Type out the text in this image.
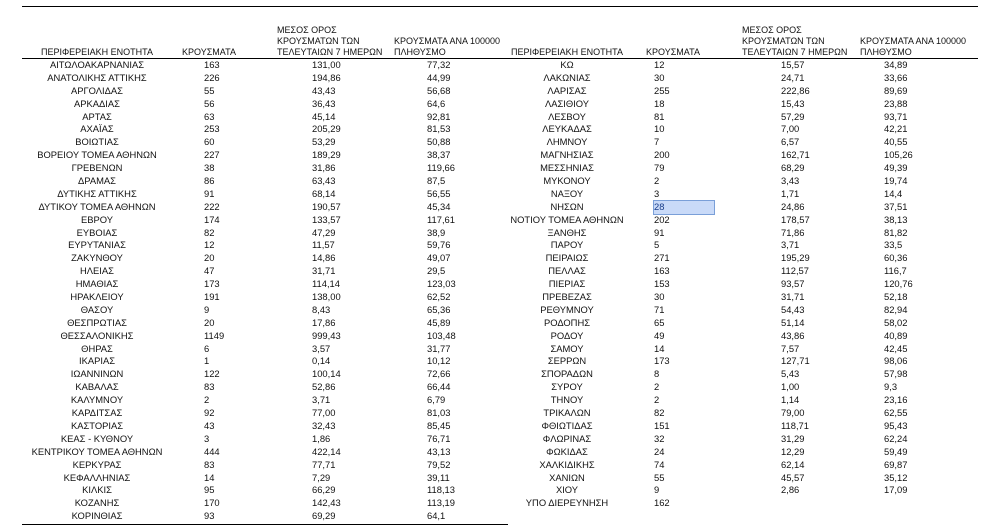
ΠΕΡΙΦΕΡΕΙΑΚΗ ΕΝΟΤΗΤΑ	ΚΡΟΥΣΜΑΤΑ
ΜΕΣΟΣ ΟΡΟΣ
ΚΡΟΥΣΜΑΤΩΝ ΤΩΝ
ΤΕΛΕΥΤΑΙΩΝ 7 ΗΜΕΡΩΝ
ΚΡΟΥΣΜΑΤΑ ΑΝΑ 100000
ΠΛΗΘΥΣΜΟ
ΑΙΤΩΛΟΑΚΑΡΝΑΝΙΑΣ	163	131,00	77,32
ΑΝΑΤΟΛΙΚΗΣ ΑΤΤΙΚΗΣ	226	194,86	44,99
ΑΡΓΟΛΙΔΑΣ	55	43,43	56,68
ΑΡΚΑΔΙΑΣ	56	36,43	64,6
ΑΡΤΑΣ	63	45,14	92,81
ΑΧΑΪΑΣ	253	205,29	81,53
ΒΟΙΩΤΙΑΣ	60	53,29	50,88
ΒΟΡΕΙΟΥ ΤΟΜΕΑ ΑΘΗΝΩΝ	227	189,29	38,37
ΓΡΕΒΕΝΩΝ	38	31,86	119,66
ΔΡΑΜΑΣ	86	63,43	87,5
ΔΥΤΙΚΗΣ ΑΤΤΙΚΗΣ	91	68,14	56,55
ΔΥΤΙΚΟΥ ΤΟΜΕΑ ΑΘΗΝΩΝ	222	190,57	45,34
ΕΒΡΟΥ	174	133,57	117,61
ΕΥΒΟΙΑΣ	82	47,29	38,9
ΕΥΡΥΤΑΝΙΑΣ	12	11,57	59,76
ΖΑΚΥΝΘΟΥ	20	14,86	49,07
ΗΛΕΙΑΣ	47	31,71	29,5
ΗΜΑΘΙΑΣ	173	114,14	123,03
ΗΡΑΚΛΕΙΟΥ	191	138,00	62,52
ΘΑΣΟΥ	9	8,43	65,36
ΘΕΣΠΡΩΤΙΑΣ	20	17,86	45,89
ΘΕΣΣΑΛΟΝΙΚΗΣ	1149	999,43	103,48
ΘΗΡΑΣ	6	3,57	31,77
ΙΚΑΡΙΑΣ	1	0,14	10,12
ΙΩΑΝΝΙΝΩΝ	122	100,14	72,66
ΚΑΒΑΛΑΣ	83	52,86	66,44
ΚΑΛΥΜΝΟΥ	2	3,71	6,79
ΚΑΡΔΙΤΣΑΣ	92	77,00	81,03
ΚΑΣΤΟΡΙΑΣ	43	32,43	85,45
ΚΕΑΣ - ΚΥΘΝΟΥ	3	1,86	76,71
ΚΕΝΤΡΙΚΟΥ ΤΟΜΕΑ ΑΘΗΝΩΝ	444	422,14	43,13
ΚΕΡΚΥΡΑΣ	83	77,71	79,52
ΚΕΦΑΛΛΗΝΙΑΣ	14	7,29	39,11
ΚΙΛΚΙΣ	95	66,29	118,13
ΚΟΖΑΝΗΣ	170	142,43	113,19
ΚΟΡΙΝΘΙΑΣ	93	69,29	64,1
ΠΕΡΙΦΕΡΕΙΑΚΗ ΕΝΟΤΗΤΑ	ΚΡΟΥΣΜΑΤΑ
ΜΕΣΟΣ ΟΡΟΣ
ΚΡΟΥΣΜΑΤΩΝ ΤΩΝ
ΤΕΛΕΥΤΑΙΩΝ 7 ΗΜΕΡΩΝ
ΚΡΟΥΣΜΑΤΑ ΑΝΑ 100000
ΠΛΗΘΥΣΜΟ
ΚΩ	12	15,57	34,89
ΛΑΚΩΝΙΑΣ	30	24,71	33,66
ΛΑΡΙΣΑΣ	255	222,86	89,69
ΛΑΣΙΘΙΟΥ	18	15,43	23,88
ΛΕΣΒΟΥ	81	57,29	93,71
ΛΕΥΚΑΔΑΣ	10	7,00	42,21
ΛΗΜΝΟΥ	7	6,57	40,55
ΜΑΓΝΗΣΙΑΣ	200	162,71	105,26
ΜΕΣΣΗΝΙΑΣ	79	68,29	49,39
ΜΥΚΟΝΟΥ	2	3,43	19,74
ΝΑΞΟΥ	3	1,71	14,4
ΝΗΣΩΝ	28	24,86	37,51
ΝΟΤΙΟΥ ΤΟΜΕΑ ΑΘΗΝΩΝ	202	178,57	38,13
ΞΑΝΘΗΣ	91	71,86	81,82
ΠΑΡΟΥ	5	3,71	33,5
ΠΕΙΡΑΙΩΣ	271	195,29	60,36
ΠΕΛΛΑΣ	163	112,57	116,7
ΠΙΕΡΙΑΣ	153	93,57	120,76
ΠΡΕΒΕΖΑΣ	30	31,71	52,18
ΡΕΘΥΜΝΟΥ	71	54,43	82,94
ΡΟΔΟΠΗΣ	65	51,14	58,02
ΡΟΔΟΥ	49	43,86	40,89
ΣΑΜΟΥ	14	7,57	42,45
ΣΕΡΡΩΝ	173	127,71	98,06
ΣΠΟΡΑΔΩΝ	8	5,43	57,98
ΣΥΡΟΥ	2	1,00	9,3
ΤΗΝΟΥ	2	1,14	23,16
ΤΡΙΚΑΛΩΝ	82	79,00	62,55
ΦΘΙΩΤΙΔΑΣ	151	118,71	95,43
ΦΛΩΡΙΝΑΣ	32	31,29	62,24
ΦΩΚΙΔΑΣ	24	12,29	59,49
ΧΑΛΚΙΔΙΚΗΣ	74	62,14	69,87
ΧΑΝΙΩΝ	55	45,57	35,12
ΧΙΟΥ	9	2,86	17,09
ΥΠΟ ΔΙΕΡΕΥΝΗΣΗ	162
